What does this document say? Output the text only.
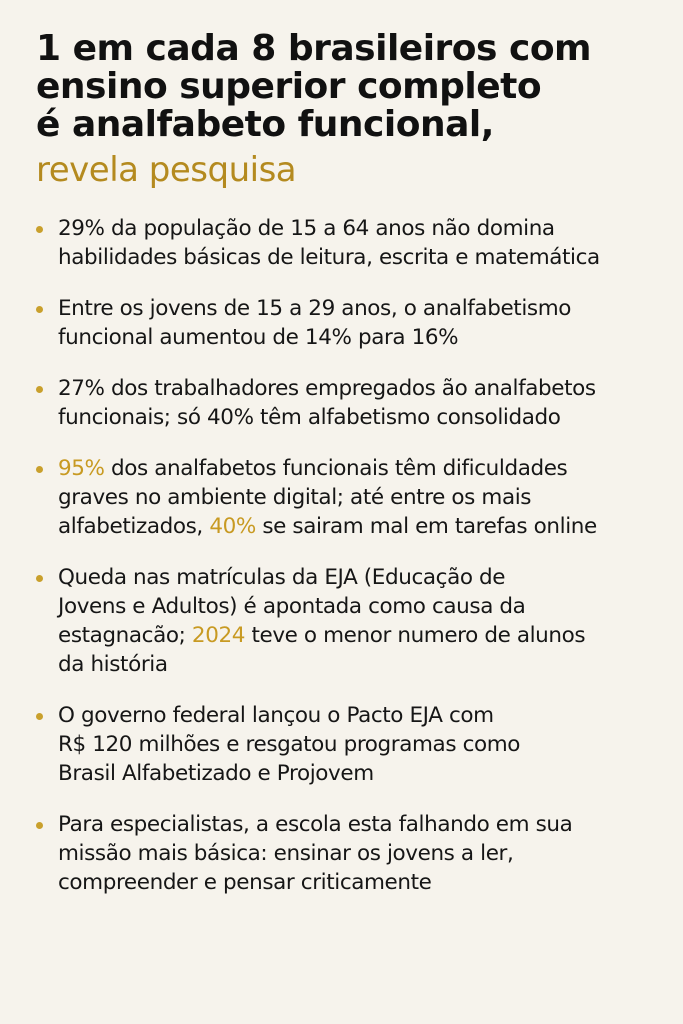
1 em cada 8 brasileiros com
ensino superior completo
é analfabeto funcional,
revela pesquisa
29% da população de 15 a 64 anos não domina
habilidades básicas de leitura, escrita e matemática
Entre os jovens de 15 a 29 anos, o analfabetismo
funcional aumentou de 14% para 16%
27% dos trabalhadores empregados ão analfabetos
funcionais; só 40% têm alfabetismo consolidado
95% dos analfabetos funcionais têm dificuldades
graves no ambiente digital; até entre os mais
alfabetizados, 40% se sairam mal em tarefas online
Queda nas matrículas da EJA (Educação de
Jovens e Adultos) é apontada como causa da
estagnacão; 2024 teve o menor numero de alunos
da história
O governo federal lançou o Pacto EJA com
R$ 120 milhões e resgatou programas como
Brasil Alfabetizado e Projovem
Para especialistas, a escola esta falhando em sua
missão mais básica: ensinar os jovens a ler,
compreender e pensar criticamente
